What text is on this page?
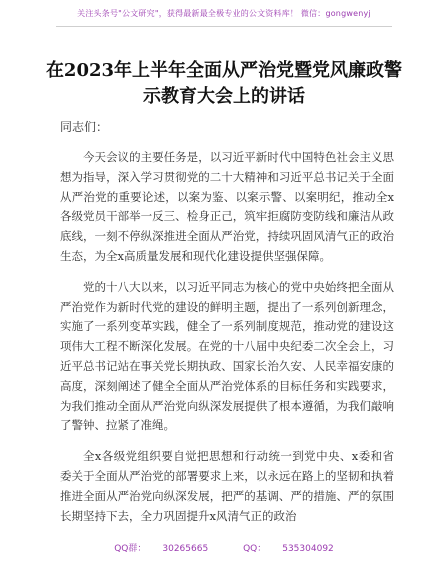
关注头条号"公文研究"，获得最新最全极专业的公文资料库！ 微信：gongwenyj
在2023年上半年全面从严治党暨党风廉政警示教育大会上的讲话
同志们：

今天会议的主要任务是，以习近平新时代中国特色社会主义思想为指导，深入学习贯彻党的二十大精神和习近平总书记关于全面从严治党的重要论述，以案为鉴、以案示警、以案明纪，推动全x各级党员干部举一反三、检身正己，筑牢拒腐防变防线和廉洁从政底线，一刻不停纵深推进全面从严治党，持续巩固风清气正的政治生态，为全x高质量发展和现代化建设提供坚强保障。

党的十八大以来，以习近平同志为核心的党中央始终把全面从严治党作为新时代党的建设的鲜明主题，提出了一系列创新理念，实施了一系列变革实践，健全了一系列制度规范，推动党的建设这项伟大工程不断深化发展。在党的十八届中央纪委二次全会上，习近平总书记站在事关党长期执政、国家长治久安、人民幸福安康的高度，深刻阐述了健全全面从严治党体系的目标任务和实践要求，为我们推动全面从严治党向纵深发展提供了根本遵循，为我们敲响了警钟、拉紧了准绳。

全x各级党组织要自觉把思想和行动统一到党中央、x委和省委关于全面从严治党的部署要求上来，以永远在路上的坚韧和执着推进全面从严治党向纵深发展，把严的基调、严的措施、严的氛围长期坚持下去，全力巩固提升x风清气正的政治

QQ群： 30265665	QQ： 535304092
